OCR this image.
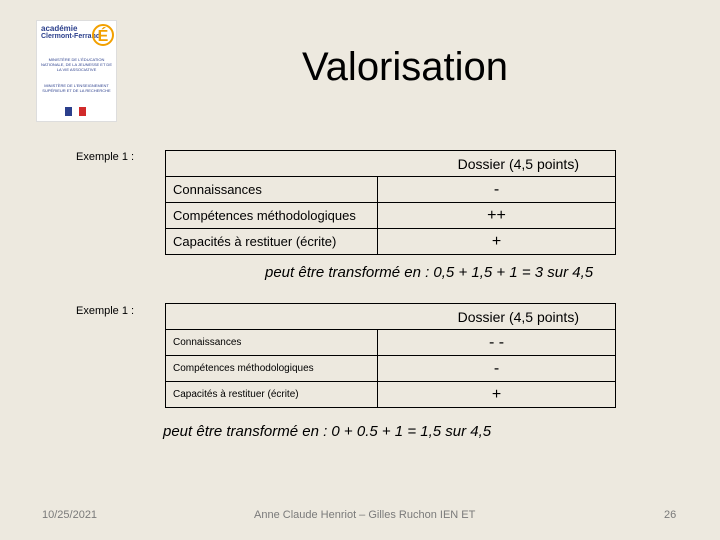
académie
Clermont-Ferrand
É
MINISTÈRE DE L'ÉDUCATION NATIONALE, DE LA JEUNESSE ET DE LA VIE ASSOCIATIVE
MINISTÈRE DE L'ENSEIGNEMENT SUPÉRIEUR ET DE LA RECHERCHE
Valorisation
Exemple 1 :
		Dossier (4,5 points)
Connaissances	-
Compétences méthodologiques	++
Capacités à restituer (écrite)	+
peut être transformé en : 0,5 + 1,5 + 1 = 3 sur 4,5
Exemple 1 :
		Dossier (4,5 points)
Connaissances	- -
Compétences méthodologiques	-
Capacités à restituer (écrite)	+
peut être transformé en : 0 + 0.5 + 1 = 1,5 sur 4,5
10/25/2021	Anne Claude Henriot – Gilles Ruchon IEN ET	26
